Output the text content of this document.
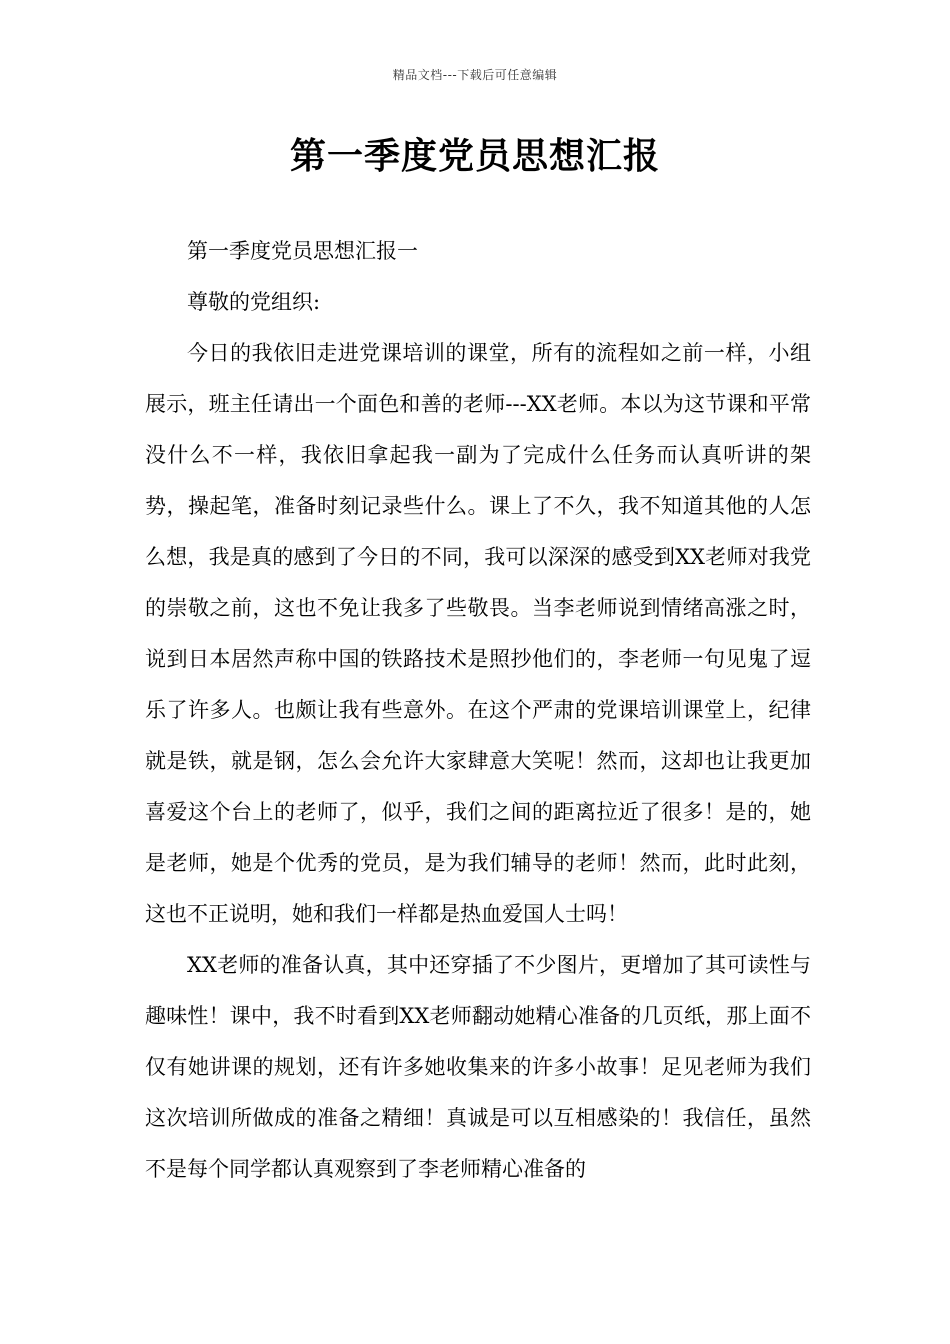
精品文档---下载后可任意编辑
第一季度党员思想汇报

第一季度党员思想汇报一

尊敬的党组织:

今日的我依旧走进党课培训的课堂，所有的流程如之前一样，小组展示，班主任请出一个面色和善的老师---XX老师。本以为这节课和平常没什么不一样，我依旧拿起我一副为了完成什么任务而认真听讲的架势，操起笔，准备时刻记录些什么。课上了不久，我不知道其他的人怎么想，我是真的感到了今日的不同，我可以深深的感受到XX老师对我党的崇敬之前，这也不免让我多了些敬畏。当李老师说到情绪高涨之时，说到日本居然声称中国的铁路技术是照抄他们的，李老师一句见鬼了逗乐了许多人。也颇让我有些意外。在这个严肃的党课培训课堂上，纪律就是铁，就是钢，怎么会允许大家肆意大笑呢！然而，这却也让我更加喜爱这个台上的老师了，似乎，我们之间的距离拉近了很多！是的，她是老师，她是个优秀的党员，是为我们辅导的老师！然而，此时此刻，这也不正说明，她和我们一样都是热血爱国人士吗！

XX老师的准备认真，其中还穿插了不少图片，更增加了其可读性与趣味性！课中，我不时看到XX老师翻动她精心准备的几页纸，那上面不仅有她讲课的规划，还有许多她收集来的许多小故事！足见老师为我们这次培训所做成的准备之精细！真诚是可以互相感染的！我信任，虽然不是每个同学都认真观察到了李老师精心准备的
